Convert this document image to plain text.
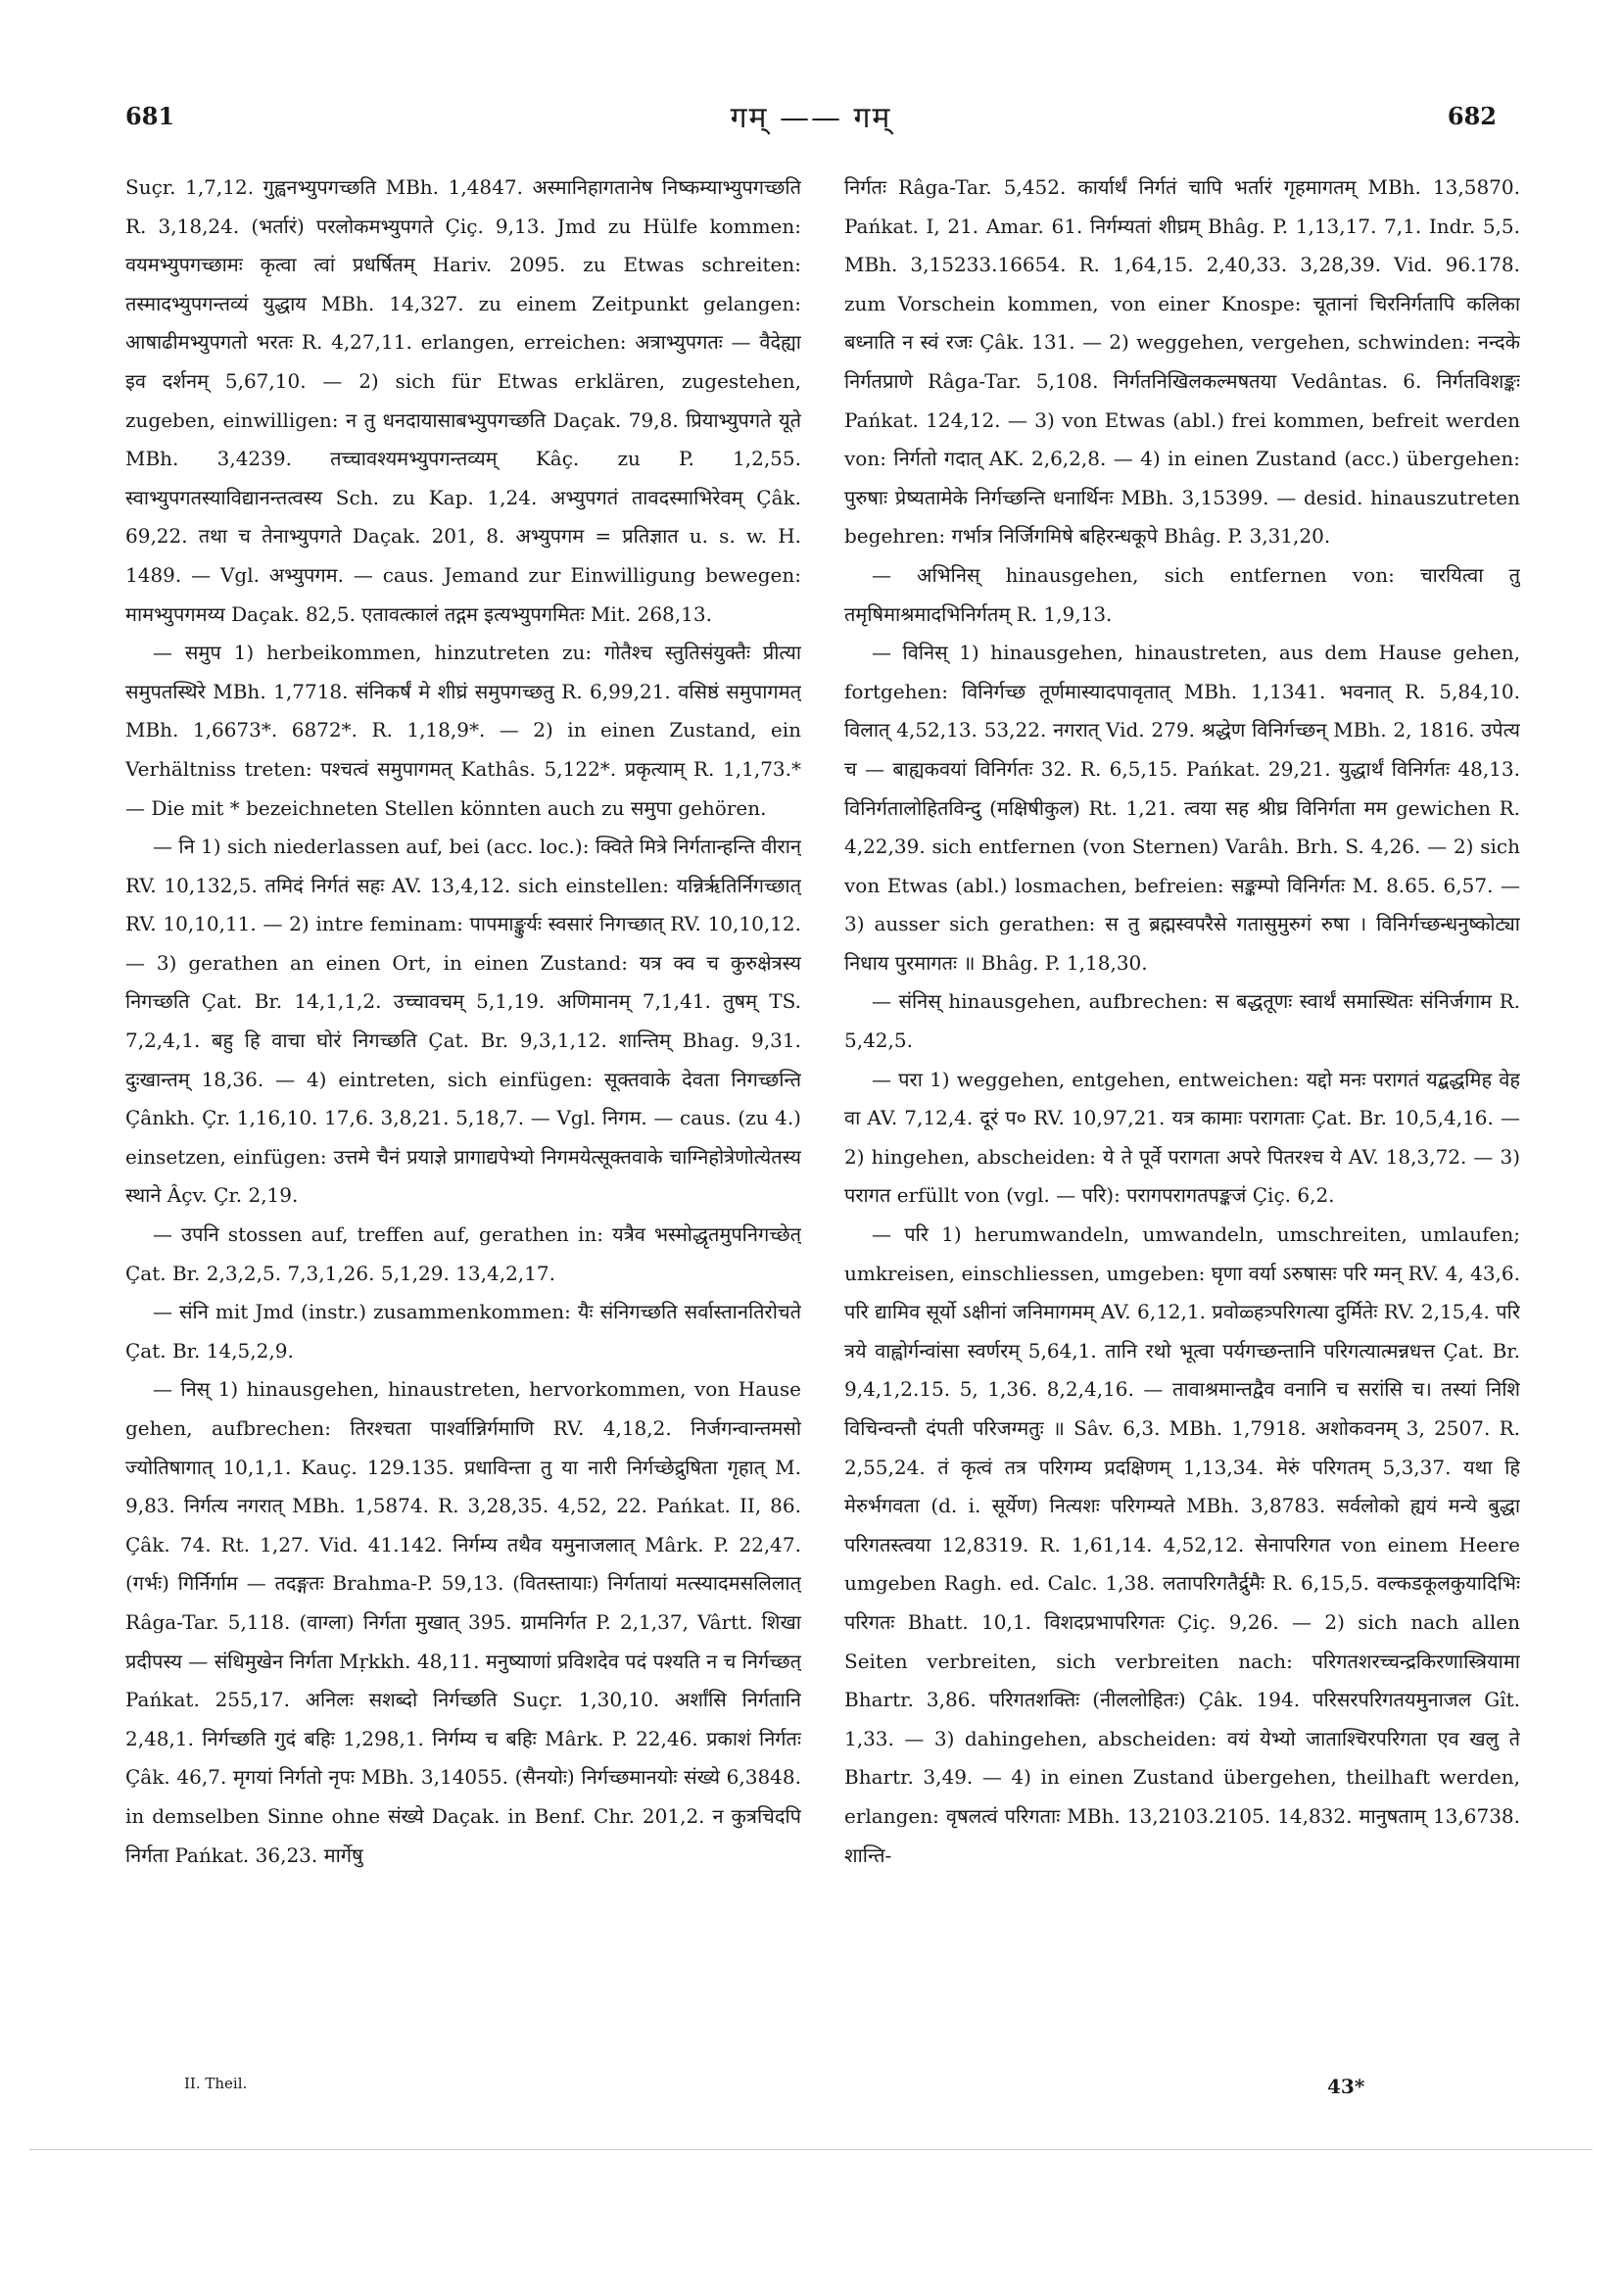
681	गम् —— गम्	682

Suçr. 1,7,12. गुह्वनभ्युपगच्छति MBh. 1,4847. अस्मानिहागतानेष निष्कम्याभ्युपगच्छति R. 3,18,24. (भर्तारं) परलोकमभ्युपगते Çiç. 9,13. Jmd zu Hülfe kommen: वयमभ्युपगच्छामः कृत्वा त्वां प्रधर्षितम् Hariv. 2095. zu Etwas schreiten: तस्मादभ्युपगन्तव्यं युद्धाय MBh. 14,327. zu einem Zeitpunkt gelangen: आषाढीमभ्युपगतो भरतः R. 4,27,11. erlangen, erreichen: अत्राभ्युपगतः — वैदेह्या इव दर्शनम् 5,67,10. — 2) sich für Etwas erklären, zugestehen, zugeben, einwilligen: न तु धनदायासाबभ्युपगच्छति Daçak. 79,8. प्रियाभ्युपगते यूते MBh. 3,4239. तच्चावश्यमभ्युपगन्तव्यम् Kâç. zu P. 1,2,55. स्वाभ्युपगतस्याविद्यानन्तत्वस्य Sch. zu Kap. 1,24. अभ्युपगतं तावदस्माभिरेवम् Çâk. 69,22. तथा च तेनाभ्युपगते Daçak. 201, 8. अभ्युपगम = प्रतिज्ञात u. s. w. H. 1489. — Vgl. अभ्युपगम. — caus. Jemand zur Einwilligung bewegen: मामभ्युपगमय्य Daçak. 82,5. एतावत्कालं तद्गम इत्यभ्युपगमितः Mit. 268,13.

— समुप 1) herbeikommen, hinzutreten zu: गोतैश्च स्तुतिसंयुक्तैः प्रीत्या समुपतस्थिरे MBh. 1,7718. संनिकर्षं मे शीघ्रं समुपगच्छतु R. 6,99,21. वसिष्ठं समुपागमत् MBh. 1,6673*. 6872*. R. 1,18,9*. — 2) in einen Zustand, ein Verhältniss treten: पश्चत्वं समुपागमत् Kathâs. 5,122*. प्रकृत्याम् R. 1,1,73.* — Die mit * bezeichneten Stellen könnten auch zu समुपा gehören.

— नि 1) sich niederlassen auf, bei (acc. loc.): क्विते मित्रे निर्गतान्हन्ति वीरान् RV. 10,132,5. तमिदं निर्गतं सहः AV. 13,4,12. sich einstellen: यन्निर्ऋतिर्निगच्छात् RV. 10,10,11. — 2) intre feminam: पापमाङ्कुर्यः स्वसारं निगच्छात् RV. 10,10,12. — 3) gerathen an einen Ort, in einen Zustand: यत्र क्व च कुरुक्षेत्रस्य निगच्छति Çat. Br. 14,1,1,2. उच्चावचम् 5,1,19. अणिमानम् 7,1,41. तुषम् TS. 7,2,4,1. बहु हि वाचा घोरं निगच्छति Çat. Br. 9,3,1,12. शान्तिम् Bhag. 9,31. दुःखान्तम् 18,36. — 4) eintreten, sich einfügen: सूक्तवाके देवता निगच्छन्ति Çânkh. Çr. 1,16,10. 17,6. 3,8,21. 5,18,7. — Vgl. निगम. — caus. (zu 4.) einsetzen, einfügen: उत्तमे चैनं प्रयाज्ञे प्रागाद्यपेभ्यो निगमयेत्सूक्तवाके चाग्निहोत्रेणोत्येतस्य स्थाने Âçv. Çr. 2,19.

— उपनि stossen auf, treffen auf, gerathen in: यत्रैव भस्मोद्धृतमुपनिगच्छेत् Çat. Br. 2,3,2,5. 7,3,1,26. 5,1,29. 13,4,2,17.

— संनि mit Jmd (instr.) zusammenkommen: यैः संनिगच्छति सर्वास्तानतिरोचते Çat. Br. 14,5,2,9.

— निस् 1) hinausgehen, hinaustreten, hervorkommen, von Hause gehen, aufbrechen: तिरश्चता पार्श्वान्निर्गमाणि RV. 4,18,2. निर्जगन्वान्तमसो ज्योतिषागात् 10,1,1. Kauç. 129.135. प्रधाविन्ता तु या नारी निर्गच्छेद्रुषिता गृहात् M. 9,83. निर्गत्य नगरात् MBh. 1,5874. R. 3,28,35. 4,52, 22. Pańkat. II, 86. Çâk. 74. Rt. 1,27. Vid. 41.142. निर्गम्य तथैव यमुनाजलात् Mârk. P. 22,47. (गर्भः) गिर्निर्गाम — तदङ्गतः Brahma-P. 59,13. (वितस्तायाः) निर्गतायां मत्स्यादमसलिलात् Râga-Tar. 5,118. (वाग्ला) निर्गता मुखात् 395. ग्रामनिर्गत P. 2,1,37, Vârtt. शिखा प्रदीपस्य — संधिमुखेन निर्गता Mṛkkh. 48,11. मनुष्याणां प्रविशदेव पदं पश्यति न च निर्गच्छत् Pańkat. 255,17. अनिलः सशब्दो निर्गच्छति Suçr. 1,30,10. अर्शांसि निर्गतानि 2,48,1. निर्गच्छति गुदं बहिः 1,298,1. निर्गम्य च बहिः Mârk. P. 22,46. प्रकाशं निर्गतः Çâk. 46,7. मृगयां निर्गतो नृपः MBh. 3,14055. (सैनयोः) निर्गच्छमानयोः संख्ये 6,3848. in demselben Sinne ohne संख्ये Daçak. in Benf. Chr. 201,2. न कुत्रचिदपि निर्गता Pańkat. 36,23. मार्गेषु

निर्गतः Râga-Tar. 5,452. कार्यार्थं निर्गतं चापि भर्तारं गृहमागतम् MBh. 13,5870. Pańkat. I, 21. Amar. 61. निर्गम्यतां शीघ्रम् Bhâg. P. 1,13,17. 7,1. Indr. 5,5. MBh. 3,15233.16654. R. 1,64,15. 2,40,33. 3,28,39. Vid. 96.178. zum Vorschein kommen, von einer Knospe: चूतानां चिरनिर्गतापि कलिका बध्नाति न स्वं रजः Çâk. 131. — 2) weggehen, vergehen, schwinden: नन्दके निर्गतप्राणे Râga-Tar. 5,108. निर्गतनिखिलकल्मषतया Vedântas. 6. निर्गतविशङ्कः Pańkat. 124,12. — 3) von Etwas (abl.) frei kommen, befreit werden von: निर्गतो गदात् AK. 2,6,2,8. — 4) in einen Zustand (acc.) übergehen: पुरुषाः प्रेष्यतामेके निर्गच्छन्ति धनार्थिनः MBh. 3,15399. — desid. hinauszutreten begehren: गर्भात्र निर्जिगमिषे बहिरन्धकूपे Bhâg. P. 3,31,20.

— अभिनिस् hinausgehen, sich entfernen von: चारयित्वा तु तमृषिमाश्रमादभिनिर्गतम् R. 1,9,13.

— विनिस् 1) hinausgehen, hinaustreten, aus dem Hause gehen, fortgehen: विनिर्गच्छ तूर्णमास्यादपावृतात् MBh. 1,1341. भवनात् R. 5,84,10. विलात् 4,52,13. 53,22. नगरात् Vid. 279. श्रद्धेण विनिर्गच्छन् MBh. 2, 1816. उपेत्य च — बाह्यकवयां विनिर्गतः 32. R. 6,5,15. Pańkat. 29,21. युद्धार्थं विनिर्गतः 48,13. विनिर्गतालोहितविन्दु (मक्षिषीकुल) Rt. 1,21. त्वया सह श्रीघ्र विनिर्गता मम gewichen R. 4,22,39. sich entfernen (von Sternen) Varâh. Brh. S. 4,26. — 2) sich von Etwas (abl.) losmachen, befreien: सङ्कम्पो विनिर्गतः M. 8.65. 6,57. — 3) ausser sich gerathen: स तु ब्रह्मस्वपरैसे गतासुमुरुगं रुषा । विनिर्गच्छन्धनुष्कोट्या निधाय पुरमागतः ॥ Bhâg. P. 1,18,30.

— संनिस् hinausgehen, aufbrechen: स बद्धतूणः स्वार्थं समास्थितः संनिर्जगाम R. 5,42,5.

— परा 1) weggehen, entgehen, entweichen: यद्दो मनः परागतं यद्बद्धमिह वेह वा AV. 7,12,4. दूरं प० RV. 10,97,21. यत्र कामाः परागताः Çat. Br. 10,5,4,16. — 2) hingehen, abscheiden: ये ते पूर्वे परागता अपरे पितरश्च ये AV. 18,3,72. — 3) परागत erfüllt von (vgl. — परि): परागपरागतपङ्कजं Çiç. 6,2.

— परि 1) herumwandeln, umwandeln, umschreiten, umlaufen; umkreisen, einschliessen, umgeben: घृणा वर्या ऽरुषासः परि ग्मन् RV. 4, 43,6. परि द्यामिव सूर्यो ऽक्षीनां जनिमागमम् AV. 6,12,1. प्रवोळ्हत्र्परिगत्या दुर्मितेः RV. 2,15,4. परि त्रये वाह्वोर्गन्वांसा स्वर्णरम् 5,64,1. तानि रथो भूत्वा पर्यगच्छन्तानि परिगत्यात्मन्नधत्त Çat. Br. 9,4,1,2.15. 5, 1,36. 8,2,4,16. — तावाश्रमान्तद्वैव वनानि च सरांसि च। तस्यां निशि विचिन्वन्तौ दंपती परिजग्मतुः ॥ Sâv. 6,3. MBh. 1,7918. अशोकवनम् 3, 2507. R. 2,55,24. तं कृत्वं तत्र परिगम्य प्रदक्षिणम् 1,13,34. मेरुं परिगतम् 5,3,37. यथा हि मेरुर्भगवता (d. i. सूर्येण) नित्यशः परिगम्यते MBh. 3,8783. सर्वलोको ह्ययं मन्ये बुद्धा परिगतस्त्वया 12,8319. R. 1,61,14. 4,52,12. सेनापरिगत von einem Heere umgeben Ragh. ed. Calc. 1,38. लतापरिगतैर्द्रुमैः R. 6,15,5. वल्कडकूलकुयादिभिः परिगतः Bhatt. 10,1. विशदप्रभापरिगतः Çiç. 9,26. — 2) sich nach allen Seiten verbreiten, sich verbreiten nach: परिगतशरच्चन्द्रकिरणास्त्रियामा Bhartr. 3,86. परिगतशक्तिः (नीललोहितः) Çâk. 194. परिसरपरिगतयमुनाजल Gît. 1,33. — 3) dahingehen, abscheiden: वयं येभ्यो जाताश्चिरपरिगता एव खलु ते Bhartr. 3,49. — 4) in einen Zustand übergehen, theilhaft werden, erlangen: वृषलत्वं परिगताः MBh. 13,2103.2105. 14,832. मानुषताम् 13,6738. शान्ति-

II. Theil.	43*
